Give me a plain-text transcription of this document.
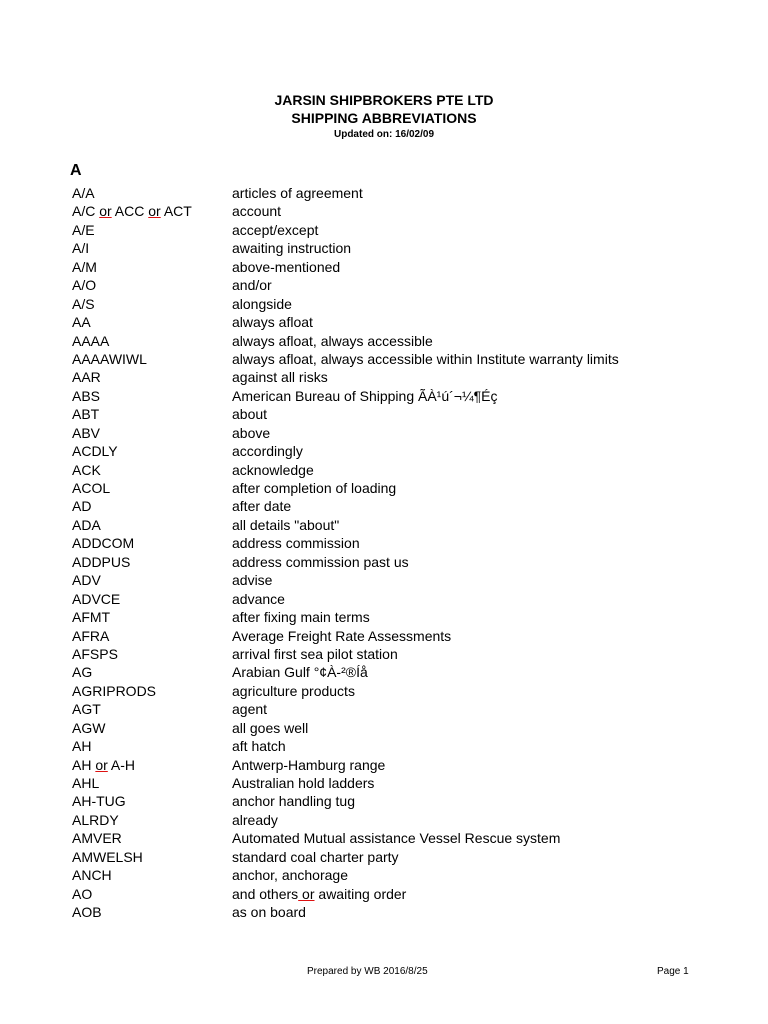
JARSIN SHIPBROKERS PTE LTD
SHIPPING ABBREVIATIONS
Updated on: 16/02/09
A
A/A	articles of agreement
A/C or ACC or ACT	account
A/E	accept/except
A/I	awaiting instruction
A/M	above-mentioned
A/O	and/or
A/S	alongside
AA	always afloat
AAAA	always afloat, always accessible
AAAAWIWL	always afloat, always accessible within Institute warranty limits
AAR	against all risks
ABS	American Bureau of Shipping ÃÀ¹ú´¬¼¶Éç
ABT	about
ABV	above
ACDLY	accordingly
ACK	acknowledge
ACOL	after completion of loading
AD	after date
ADA	all details "about"
ADDCOM	address commission
ADDPUS	address commission past us
ADV	advise
ADVCE	advance
AFMT	after fixing main terms
AFRA	Average Freight Rate Assessments
AFSPS	arrival first sea pilot station
AG	Arabian Gulf °¢À-²®Íå
AGRIPRODS	agriculture products
AGT	agent
AGW	all goes well
AH	aft hatch
AH or A-H	Antwerp-Hamburg range
AHL	Australian hold ladders
AH-TUG	anchor handling tug
ALRDY	already
AMVER	Automated Mutual assistance Vessel Rescue system
AMWELSH	standard coal charter party
ANCH	anchor, anchorage
AO	and others or awaiting order
AOB	as on board
Prepared by WB 2016/8/25	Page 1
